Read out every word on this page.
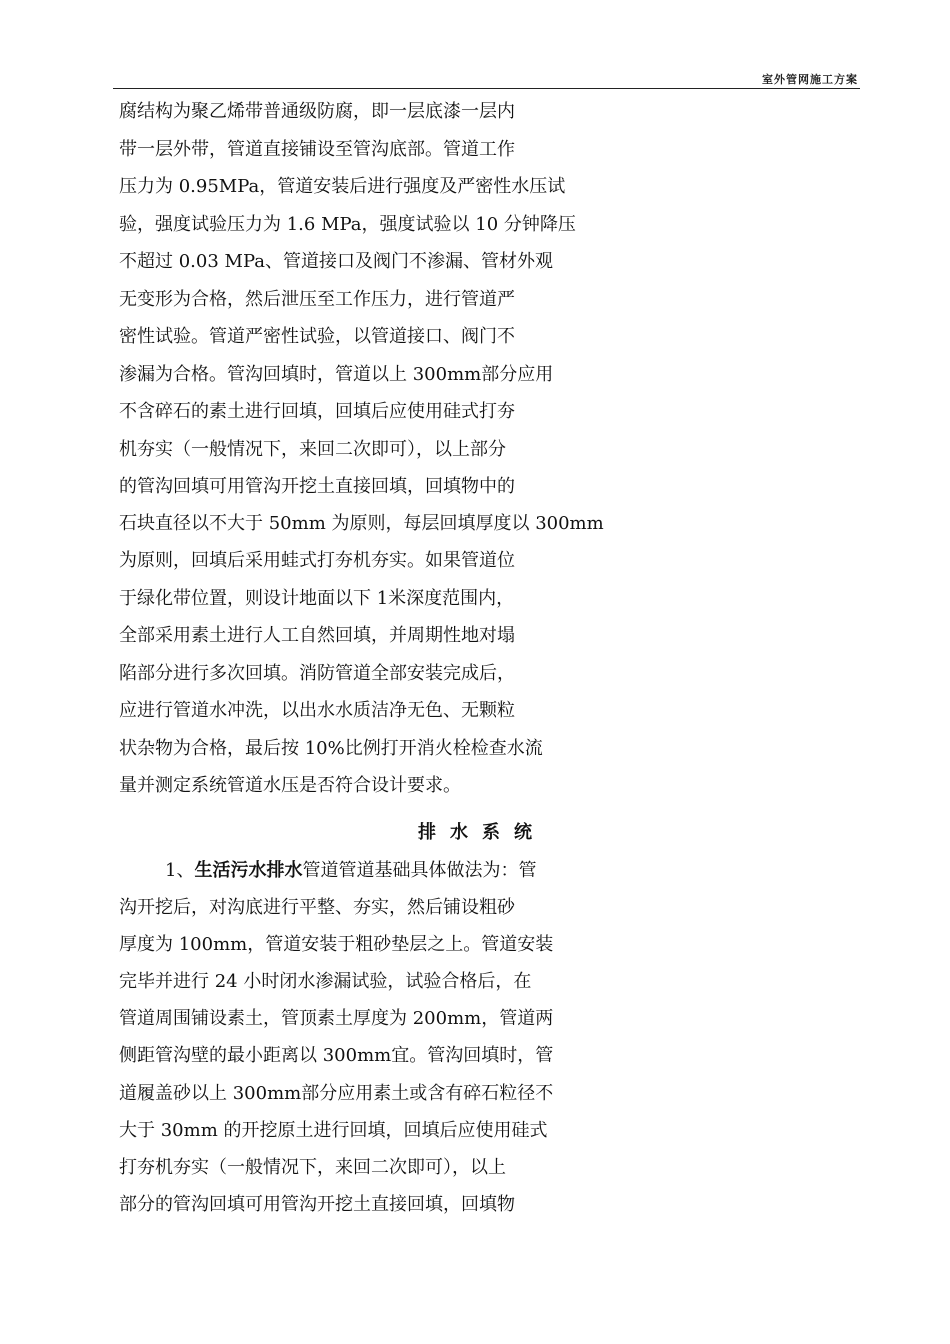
室外管网施工方案
腐结构为聚乙烯带普通级防腐，即一层底漆一层内
带一层外带，管道直接铺设至管沟底部。管道工作
压力为 0.95MPa，管道安装后进行强度及严密性水压试
验，强度试验压力为 1.6 MPa，强度试验以 10 分钟降压
不超过 0.03 MPa、管道接口及阀门不渗漏、管材外观
无变形为合格，然后泄压至工作压力，进行管道严
密性试验。管道严密性试验，以管道接口、阀门不
渗漏为合格。管沟回填时，管道以上 300mm部分应用
不含碎石的素土进行回填，回填后应使用硅式打夯
机夯实（一般情况下，来回二次即可），以上部分
的管沟回填可用管沟开挖土直接回填，回填物中的
石块直径以不大于 50mm 为原则，每层回填厚度以 300mm
为原则，回填后采用蛙式打夯机夯实。如果管道位
于绿化带位置，则设计地面以下 1米深度范围内，
全部采用素土进行人工自然回填，并周期性地对塌
陷部分进行多次回填。消防管道全部安装完成后，
应进行管道水冲洗，以出水水质洁净无色、无颗粒
状杂物为合格，最后按 10%比例打开消火栓检查水流
量并测定系统管道水压是否符合设计要求。
排水系统
1、生活污水排水管道管道基础具体做法为：管
沟开挖后，对沟底进行平整、夯实，然后铺设粗砂
厚度为 100mm，管道安装于粗砂垫层之上。管道安装
完毕并进行 24 小时闭水渗漏试验，试验合格后，在
管道周围铺设素土，管顶素土厚度为 200mm，管道两
侧距管沟壁的最小距离以 300mm宜。管沟回填时，管
道履盖砂以上 300mm部分应用素土或含有碎石粒径不
大于 30mm 的开挖原土进行回填，回填后应使用硅式
打夯机夯实（一般情况下，来回二次即可），以上
部分的管沟回填可用管沟开挖土直接回填，回填物
